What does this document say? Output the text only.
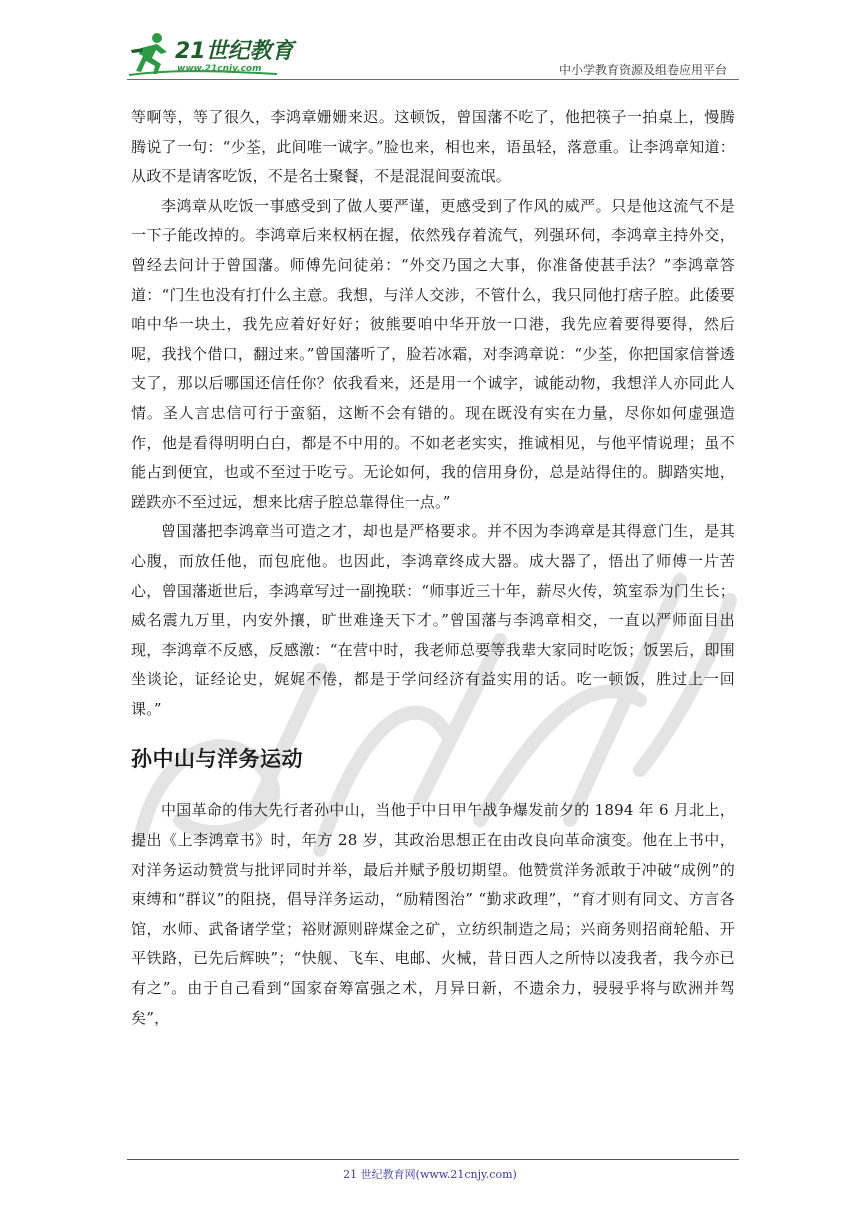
21世纪教育
www.21cnjy.com	中小学教育资源及组卷应用平台

等啊等，等了很久，李鸿章姗姗来迟。这顿饭，曾国藩不吃了，他把筷子一拍桌上，慢腾腾说了一句：“少荃，此间唯一诚字。”脸也来，相也来，语虽轻，落意重。让李鸿章知道：从政不是请客吃饭，不是名士聚餐，不是混混间耍流氓。

李鸿章从吃饭一事感受到了做人要严谨，更感受到了作风的威严。只是他这流气不是一下子能改掉的。李鸿章后来权柄在握，依然残存着流气，列强环伺，李鸿章主持外交，曾经去问计于曾国藩。师傅先问徒弟：“外交乃国之大事，你准备使甚手法？”李鸿章答道：“门生也没有打什么主意。我想，与洋人交涉，不管什么，我只同他打痞子腔。此倭要咱中华一块土，我先应着好好好；彼熊要咱中华开放一口港，我先应着要得要得，然后呢，我找个借口，翻过来。”曾国藩听了，脸若冰霜，对李鸿章说：“少荃，你把国家信誉透支了，那以后哪国还信任你？依我看来，还是用一个诚字，诚能动物，我想洋人亦同此人情。圣人言忠信可行于蛮貊，这断不会有错的。现在既没有实在力量，尽你如何虚强造作，他是看得明明白白，都是不中用的。不如老老实实，推诚相见，与他平情说理；虽不能占到便宜，也或不至过于吃亏。无论如何，我的信用身份，总是站得住的。脚踏实地，蹉跌亦不至过远，想来比痞子腔总靠得住一点。”

曾国藩把李鸿章当可造之才，却也是严格要求。并不因为李鸿章是其得意门生，是其心腹，而放任他，而包庇他。也因此，李鸿章终成大器。成大器了，悟出了师傅一片苦心，曾国藩逝世后，李鸿章写过一副挽联：“师事近三十年，薪尽火传，筑室忝为门生长；威名震九万里，内安外攘，旷世难逢天下才。”曾国藩与李鸿章相交，一直以严师面目出现，李鸿章不反感，反感激：“在营中时，我老师总要等我辈大家同时吃饭；饭罢后，即围坐谈论，证经论史，娓娓不倦，都是于学问经济有益实用的话。吃一顿饭，胜过上一回课。”

孙中山与洋务运动

中国革命的伟大先行者孙中山，当他于中日甲午战争爆发前夕的 1894 年 6 月北上，提出《上李鸿章书》时，年方 28 岁，其政治思想正在由改良向革命演变。他在上书中，对洋务运动赞赏与批评同时并举，最后并赋予殷切期望。他赞赏洋务派敢于冲破“成例”的束缚和“群议”的阻挠，倡导洋务运动，“励精图治” “勤求政理”，“育才则有同文、方言各馆，水师、武备诸学堂；裕财源则辟煤金之矿，立纺织制造之局；兴商务则招商轮船、开平铁路，已先后辉映”；“快舰、飞车、电邮、火械，昔日西人之所恃以凌我者，我今亦已有之”。由于自己看到“国家奋筹富强之术，月异日新，不遗余力，骎骎乎将与欧洲并驾矣”，

21 世纪教育网(www.21cnjy.com)
